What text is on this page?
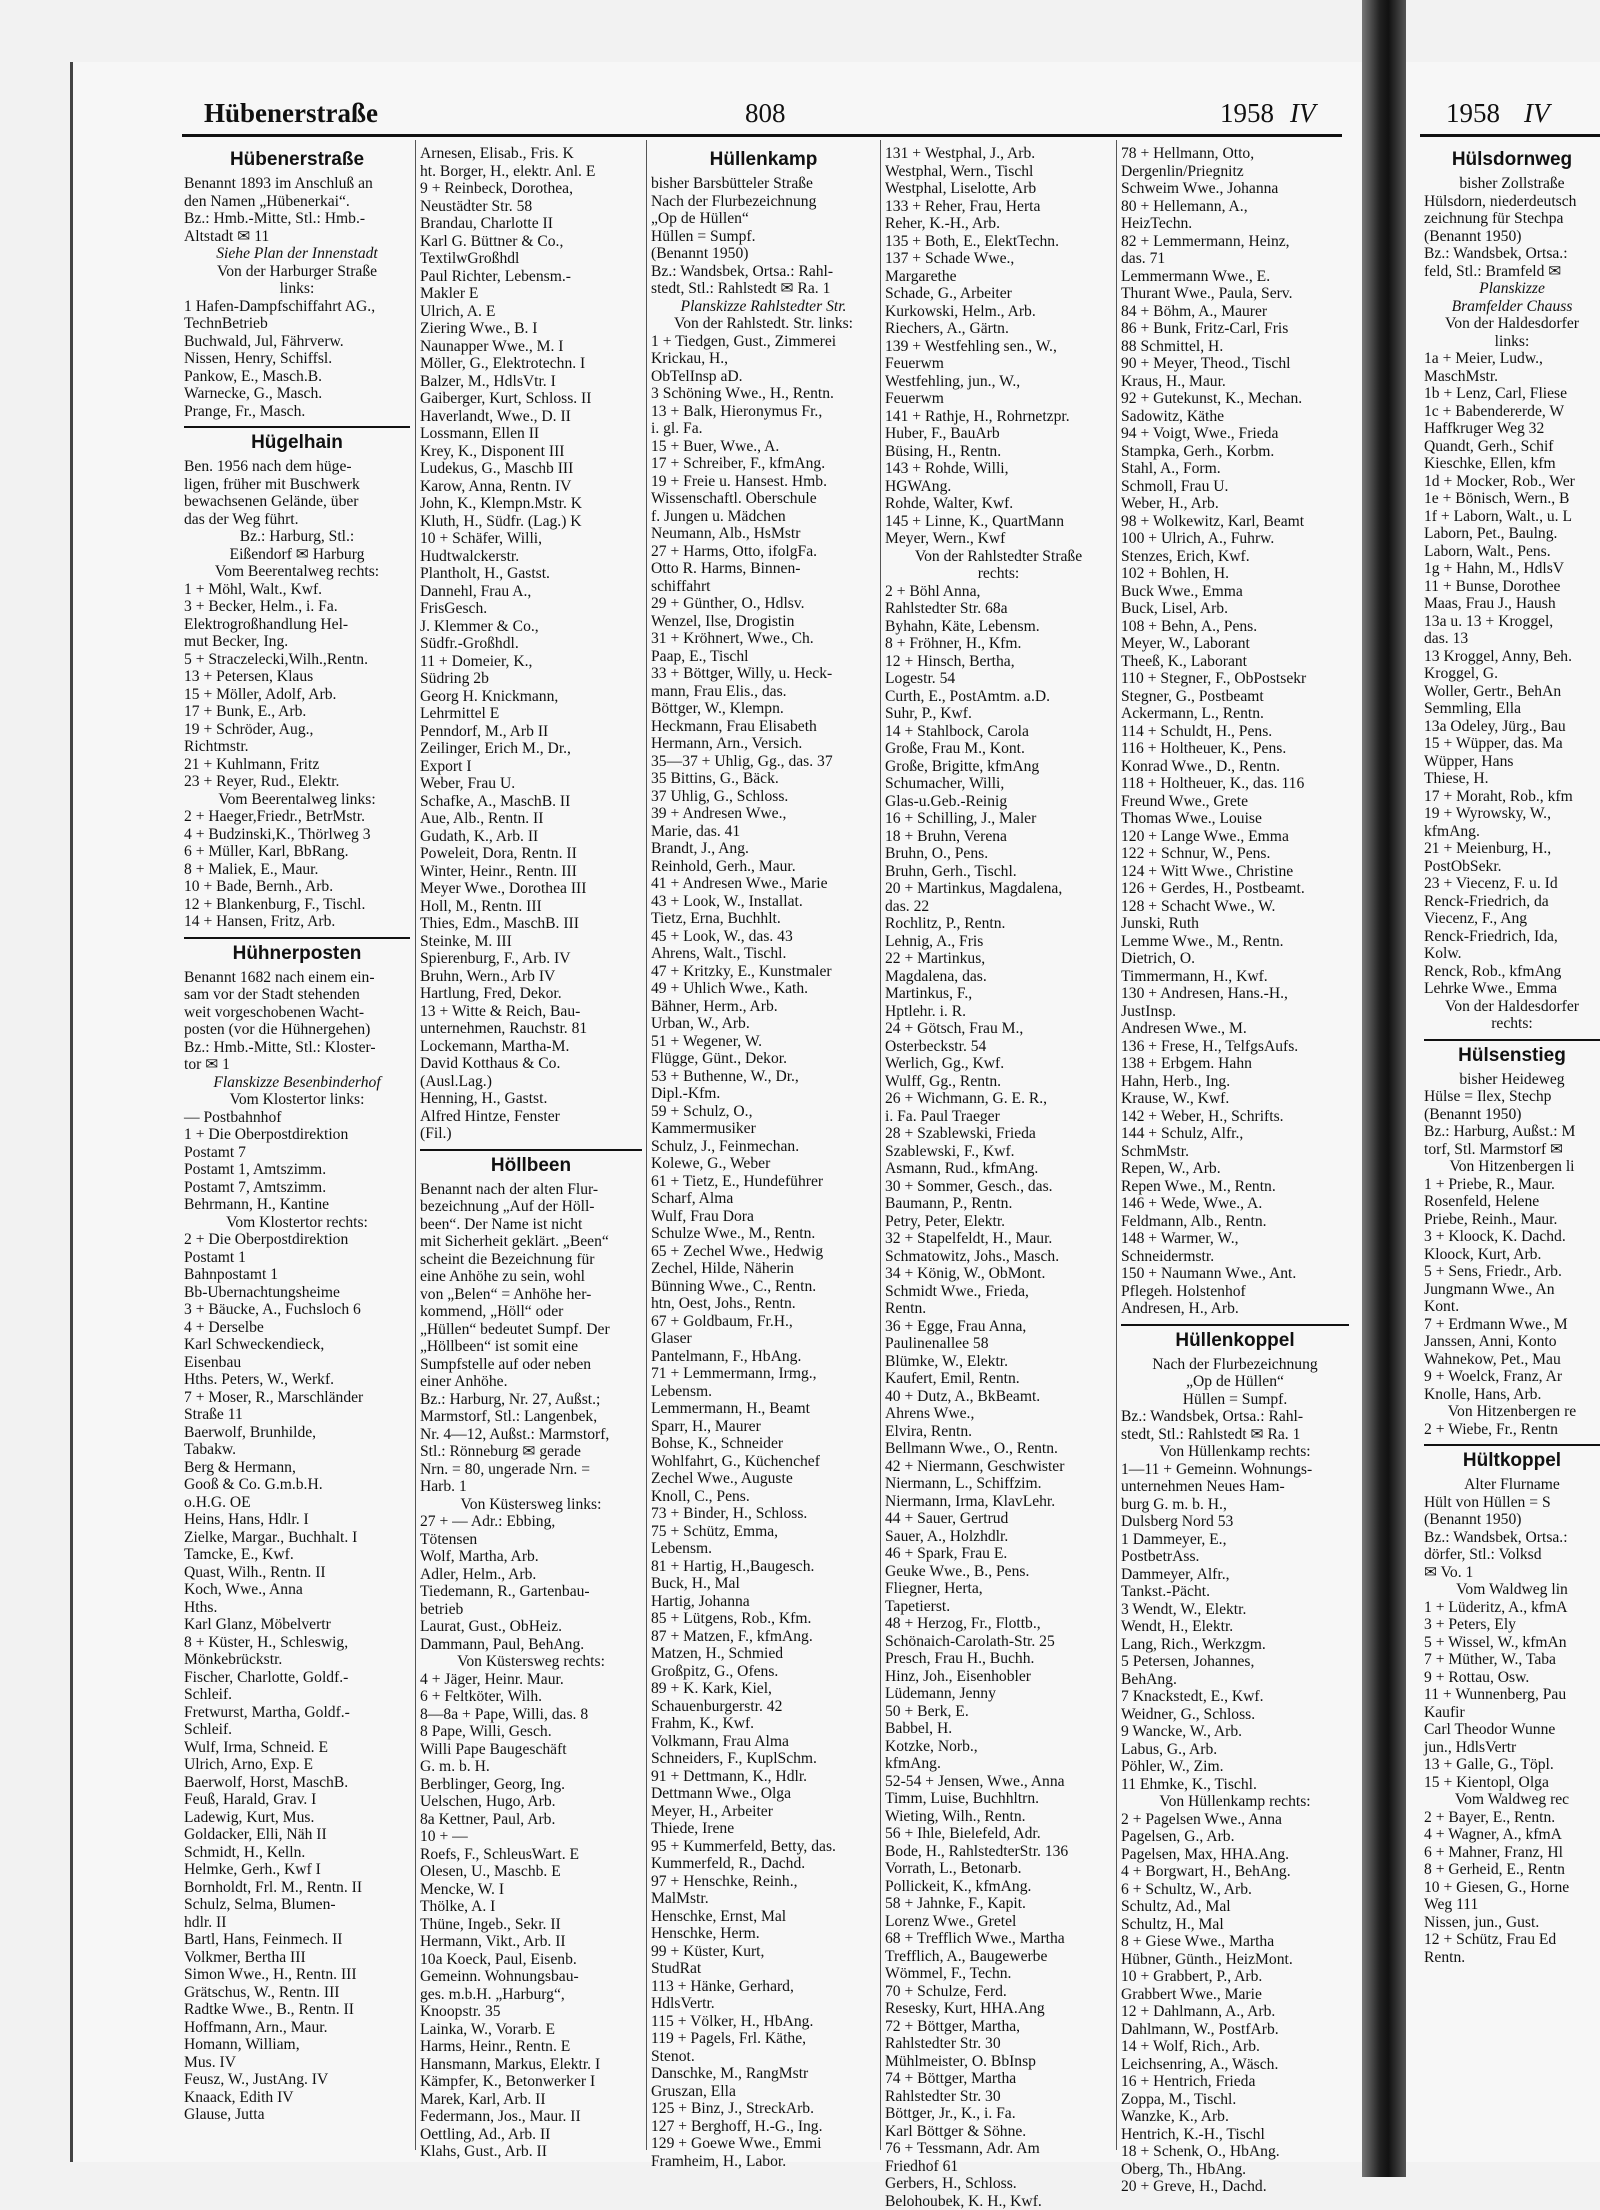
Hübenerstraße	808	1958 IV	1958 IV
Hübenerstraße
Benannt 1893 im Anschluß an
den Namen „Hübenerkai“.
Bz.: Hmb.-Mitte, Stl.: Hmb.-
Altstadt ✉ 11
Siehe Plan der Innenstadt
Von der Harburger Straße
links:
1 Hafen-Dampfschiffahrt AG.,
TechnBetrieb
Buchwald, Jul, Fährverw.
Nissen, Henry, Schiffsl.
Pankow, E., Masch.B.
Warnecke, G., Masch.
Prange, Fr., Masch.
Hügelhain
Ben. 1956 nach dem hüge-
ligen, früher mit Buschwerk
bewachsenen Gelände, über
das der Weg führt.
Bz.: Harburg, Stl.:
Eißendorf ✉ Harburg
Vom Beerentalweg rechts:
1 + Möhl, Walt., Kwf.
3 + Becker, Helm., i. Fa.
Elektrogroßhandlung Hel-
mut Becker, Ing.
5 + Straczelecki,Wilh.,Rentn.
13 + Petersen, Klaus
15 + Möller, Adolf, Arb.
17 + Bunk, E., Arb.
19 + Schröder, Aug.,
Richtmstr.
21 + Kuhlmann, Fritz
23 + Reyer, Rud., Elektr.
Vom Beerentalweg links:
2 + Haeger,Friedr., BetrMstr.
4 + Budzinski,K., Thörlweg 3
6 + Müller, Karl, BbRang.
8 + Maliek, E., Maur.
10 + Bade, Bernh., Arb.
12 + Blankenburg, F., Tischl.
14 + Hansen, Fritz, Arb.
Hühnerposten
Benannt 1682 nach einem ein-
sam vor der Stadt stehenden
weit vorgeschobenen Wacht-
posten (vor die Hühnergehen)
Bz.: Hmb.-Mitte, Stl.: Kloster-
tor ✉ 1
Flanskizze Besenbinderhof
Vom Klostertor links:
— Postbahnhof
1 + Die Oberpostdirektion
Postamt 7
Postamt 1, Amtszimm.
Postamt 7, Amtszimm.
Behrmann, H., Kantine
Vom Klostertor rechts:
2 + Die Oberpostdirektion
Postamt 1
Bahnpostamt 1
Bb-Ubernachtungsheime
3 + Bäucke, A., Fuchsloch 6
4 + Derselbe
Karl Schweckendieck,
Eisenbau
Hths. Peters, W., Werkf.
7 + Moser, R., Marschländer
Straße 11
Baerwolf, Brunhilde,
Tabakw.
Berg & Hermann,
Gooß & Co. G.m.b.H.
o.H.G. OE
Heins, Hans, Hdlr. I
Zielke, Margar., Buchhalt. I
Tamcke, E., Kwf.
Quast, Wilh., Rentn. II
Koch, Wwe., Anna
Hths.
Karl Glanz, Möbelvertr
8 + Küster, H., Schleswig,
Mönkebrückstr.
Fischer, Charlotte, Goldf.-
Schleif.
Fretwurst, Martha, Goldf.-
Schleif.
Wulf, Irma, Schneid. E
Ulrich, Arno, Exp. E
Baerwolf, Horst, MaschB.
Feuß, Harald, Grav. I
Ladewig, Kurt, Mus.
Goldacker, Elli, Näh II
Schmidt, H., Kelln.
Helmke, Gerh., Kwf I
Bornholdt, Frl. M., Rentn. II
Schulz, Selma, Blumen-
hdlr. II
Bartl, Hans, Feinmech. II
Volkmer, Bertha III
Simon Wwe., H., Rentn. III
Grätschus, W., Rentn. III
Radtke Wwe., B., Rentn. II
Hoffmann, Arn., Maur.
Homann, William,
Mus. IV
Feusz, W., JustAng. IV
Knaack, Edith IV
Glause, Jutta
Arnesen, Elisab., Fris. K
ht. Borger, H., elektr. Anl. E
9 + Reinbeck, Dorothea,
Neustädter Str. 58
Brandau, Charlotte II
Karl G. Büttner & Co.,
TextilwGroßhdl
Paul Richter, Lebensm.-
Makler E
Ulrich, A. E
Ziering Wwe., B. I
Naunapper Wwe., M. I
Möller, G., Elektrotechn. I
Balzer, M., HdlsVtr. I
Gaiberger, Kurt, Schloss. II
Haverlandt, Wwe., D. II
Lossmann, Ellen II
Krey, K., Disponent III
Ludekus, G., Maschb III
Karow, Anna, Rentn. IV
John, K., Klempn.Mstr. K
Kluth, H., Südfr. (Lag.) K
10 + Schäfer, Willi,
Hudtwalckerstr.
Plantholt, H., Gastst.
Dannehl, Frau A.,
FrisGesch.
J. Klemmer & Co.,
Südfr.-Großhdl.
11 + Domeier, K.,
Südring 2b
Georg H. Knickmann,
Lehrmittel E
Penndorf, M., Arb II
Zeilinger, Erich M., Dr.,
Export I
Weber, Frau U.
Schafke, A., MaschB. II
Aue, Alb., Rentn. II
Gudath, K., Arb. II
Poweleit, Dora, Rentn. II
Winter, Heinr., Rentn. III
Meyer Wwe., Dorothea III
Holl, M., Rentn. III
Thies, Edm., MaschB. III
Steinke, M. III
Spierenburg, F., Arb. IV
Bruhn, Wern., Arb IV
Hartlung, Fred, Dekor.
13 + Witte & Reich, Bau-
unternehmen, Rauchstr. 81
Lockemann, Martha-M.
David Kotthaus & Co.
(Ausl.Lag.)
Henning, H., Gastst.
Alfred Hintze, Fenster
(Fil.)
Höllbeen
Benannt nach der alten Flur-
bezeichnung „Auf der Höll-
been“. Der Name ist nicht
mit Sicherheit geklärt. „Been“
scheint die Bezeichnung für
eine Anhöhe zu sein, wohl
von „Belen“ = Anhöhe her-
kommend, „Höll“ oder
„Hüllen“ bedeutet Sumpf. Der
„Höllbeen“ ist somit eine
Sumpfstelle auf oder neben
einer Anhöhe.
Bz.: Harburg, Nr. 27, Außst.;
Marmstorf, Stl.: Langenbek,
Nr. 4—12, Außst.: Marmstorf,
Stl.: Rönneburg ✉ gerade
Nrn. = 80, ungerade Nrn. =
Harb. 1
Von Küstersweg links:
27 + — Adr.: Ebbing,
Tötensen
Wolf, Martha, Arb.
Adler, Helm., Arb.
Tiedemann, R., Gartenbau-
betrieb
Laurat, Gust., ObHeiz.
Dammann, Paul, BehAng.
Von Küstersweg rechts:
4 + Jäger, Heinr. Maur.
6 + Feltköter, Wilh.
8—8a + Pape, Willi, das. 8
8 Pape, Willi, Gesch.
Willi Pape Baugeschäft
G. m. b. H.
Berblinger, Georg, Ing.
Uelschen, Hugo, Arb.
8a Kettner, Paul, Arb.
10 + —
Roefs, F., SchleusWart. E
Olesen, U., Maschb. E
Mencke, W. I
Thölke, A. I
Thüne, Ingeb., Sekr. II
Hermann, Vikt., Arb. II
10a Koeck, Paul, Eisenb.
Gemeinn. Wohnungsbau-
ges. m.b.H. „Harburg“,
Knoopstr. 35
Lainka, W., Vorarb. E
Harms, Heinr., Rentn. E
Hansmann, Markus, Elektr. I
Kämpfer, K., Betonwerker I
Marek, Karl, Arb. II
Federmann, Jos., Maur. II
Oettling, Ad., Arb. II
Klahs, Gust., Arb. II
Hüllenkamp
bisher Barsbütteler Straße
Nach der Flurbezeichnung
„Op de Hüllen“
Hüllen = Sumpf.
(Benannt 1950)
Bz.: Wandsbek, Ortsa.: Rahl-
stedt, Stl.: Rahlstedt ✉ Ra. 1
Planskizze Rahlstedter Str.
Von der Rahlstedt. Str. links:
1 + Tiedgen, Gust., Zimmerei
Krickau, H.,
ObTelInsp aD.
3 Schöning Wwe., H., Rentn.
13 + Balk, Hieronymus Fr.,
i. gl. Fa.
15 + Buer, Wwe., A.
17 + Schreiber, F., kfmAng.
19 + Freie u. Hansest. Hmb.
Wissenschaftl. Oberschule
f. Jungen u. Mädchen
Neumann, Alb., HsMstr
27 + Harms, Otto, ifolgFa.
Otto R. Harms, Binnen-
schiffahrt
29 + Günther, O., Hdlsv.
Wenzel, Ilse, Drogistin
31 + Kröhnert, Wwe., Ch.
Paap, E., Tischl
33 + Böttger, Willy, u. Heck-
mann, Frau Elis., das.
Böttger, W., Klempn.
Heckmann, Frau Elisabeth
Hermann, Arn., Versich.
35—37 + Uhlig, Gg., das. 37
35 Bittins, G., Bäck.
37 Uhlig, G., Schloss.
39 + Andresen Wwe.,
Marie, das. 41
Brandt, J., Ang.
Reinhold, Gerh., Maur.
41 + Andresen Wwe., Marie
43 + Look, W., Installat.
Tietz, Erna, Buchhlt.
45 + Look, W., das. 43
Ahrens, Walt., Tischl.
47 + Kritzky, E., Kunstmaler
49 + Uhlich Wwe., Kath.
Bähner, Herm., Arb.
Urban, W., Arb.
51 + Wegener, W.
Flügge, Günt., Dekor.
53 + Buthenne, W., Dr.,
Dipl.-Kfm.
59 + Schulz, O.,
Kammermusiker
Schulz, J., Feinmechan.
Kolewe, G., Weber
61 + Tietz, E., Hundeführer
Scharf, Alma
Wulf, Frau Dora
Schulze Wwe., M., Rentn.
65 + Zechel Wwe., Hedwig
Zechel, Hilde, Näherin
Bünning Wwe., C., Rentn.
htn, Oest, Johs., Rentn.
67 + Goldbaum, Fr.H.,
Glaser
Pantelmann, F., HbAng.
71 + Lemmermann, Irmg.,
Lebensm.
Lemmermann, H., Beamt
Sparr, H., Maurer
Bohse, K., Schneider
Wohlfahrt, G., Küchenchef
Zechel Wwe., Auguste
Knoll, C., Pens.
73 + Binder, H., Schloss.
75 + Schütz, Emma,
Lebensm.
81 + Hartig, H.,Baugesch.
Buck, H., Mal
Hartig, Johanna
85 + Lütgens, Rob., Kfm.
87 + Matzen, F., kfmAng.
Matzen, H., Schmied
Großpitz, G., Ofens.
89 + K. Kark, Kiel,
Schauenburgerstr. 42
Frahm, K., Kwf.
Volkmann, Frau Alma
Schneiders, F., KuplSchm.
91 + Dettmann, K., Hdlr.
Dettmann Wwe., Olga
Meyer, H., Arbeiter
Thiede, Irene
95 + Kummerfeld, Betty, das.
Kummerfeld, R., Dachd.
97 + Henschke, Reinh.,
MalMstr.
Henschke, Ernst, Mal
Henschke, Herm.
99 + Küster, Kurt,
StudRat
113 + Hänke, Gerhard,
HdlsVertr.
115 + Völker, H., HbAng.
119 + Pagels, Frl. Käthe,
Stenot.
Danschke, M., RangMstr
Gruszan, Ella
125 + Binz, J., StreckArb.
127 + Berghoff, H.-G., Ing.
129 + Goewe Wwe., Emmi
Framheim, H., Labor.
131 + Westphal, J., Arb.
Westphal, Wern., Tischl
Westphal, Liselotte, Arb
133 + Reher, Frau, Herta
Reher, K.-H., Arb.
135 + Both, E., ElektTechn.
137 + Schade Wwe.,
Margarethe
Schade, G., Arbeiter
Kurkowski, Helm., Arb.
Riechers, A., Gärtn.
139 + Westfehling sen., W.,
Feuerwm
Westfehling, jun., W.,
Feuerwm
141 + Rathje, H., Rohrnetzpr.
Huber, F., BauArb
Büsing, H., Rentn.
143 + Rohde, Willi,
HGWAng.
Rohde, Walter, Kwf.
145 + Linne, K., QuartMann
Meyer, Wern., Kwf
Von der Rahlstedter Straße
rechts:
2 + Böhl Anna,
Rahlstedter Str. 68a
Byhahn, Käte, Lebensm.
8 + Fröhner, H., Kfm.
12 + Hinsch, Bertha,
Logestr. 54
Curth, E., PostAmtm. a.D.
Suhr, P., Kwf.
14 + Stahlbock, Carola
Große, Frau M., Kont.
Große, Brigitte, kfmAng
Schumacher, Willi,
Glas-u.Geb.-Reinig
16 + Schilling, J., Maler
18 + Bruhn, Verena
Bruhn, O., Pens.
Bruhn, Gerh., Tischl.
20 + Martinkus, Magdalena,
das. 22
Rochlitz, P., Rentn.
Lehnig, A., Fris
22 + Martinkus,
Magdalena, das.
Martinkus, F.,
Hptlehr. i. R.
24 + Götsch, Frau M.,
Osterbeckstr. 54
Werlich, Gg., Kwf.
Wulff, Gg., Rentn.
26 + Wichmann, G. E. R.,
i. Fa. Paul Traeger
28 + Szablewski, Frieda
Szablewski, F., Kwf.
Asmann, Rud., kfmAng.
30 + Sommer, Gesch., das.
Baumann, P., Rentn.
Petry, Peter, Elektr.
32 + Stapelfeldt, H., Maur.
Schmatowitz, Johs., Masch.
34 + König, W., ObMont.
Schmidt Wwe., Frieda,
Rentn.
36 + Egge, Frau Anna,
Paulinenallee 58
Blümke, W., Elektr.
Kaufert, Emil, Rentn.
40 + Dutz, A., BkBeamt.
Ahrens Wwe.,
Elvira, Rentn.
Bellmann Wwe., O., Rentn.
42 + Niermann, Geschwister
Niermann, L., Schiffzim.
Niermann, Irma, KlavLehr.
44 + Sauer, Gertrud
Sauer, A., Holzhdlr.
46 + Spark, Frau E.
Geuke Wwe., B., Pens.
Fliegner, Herta,
Tapetierst.
48 + Herzog, Fr., Flottb.,
Schönaich-Carolath-Str. 25
Presch, Frau H., Buchh.
Hinz, Joh., Eisenhobler
Lüdemann, Jenny
50 + Berk, E.
Babbel, H.
Kotzke, Norb.,
kfmAng.
52-54 + Jensen, Wwe., Anna
Timm, Luise, Buchhltrn.
Wieting, Wilh., Rentn.
56 + Ihle, Bielefeld, Adr.
Bode, H., RahlstedterStr. 136
Vorrath, L., Betonarb.
Pollickeit, K., kfmAng.
58 + Jahnke, F., Kapit.
Lorenz Wwe., Gretel
68 + Trefflich Wwe., Martha
Trefflich, A., Baugewerbe
Wömmel, F., Techn.
70 + Schulze, Ferd.
Resesky, Kurt, HHA.Ang
72 + Böttger, Martha,
Rahlstedter Str. 30
Mühlmeister, O. BbInsp
74 + Böttger, Martha
Rahlstedter Str. 30
Böttger, Jr., K., i. Fa.
Karl Böttger & Söhne.
76 + Tessmann, Adr. Am
Friedhof 61
Gerbers, H., Schloss.
Belohoubek, K. H., Kwf.
78 + Hellmann, Otto,
Dergenlin/Priegnitz
Schweim Wwe., Johanna
80 + Hellemann, A.,
HeizTechn.
82 + Lemmermann, Heinz,
das. 71
Lemmermann Wwe., E.
Thurant Wwe., Paula, Serv.
84 + Böhm, A., Maurer
86 + Bunk, Fritz-Carl, Fris
88 Schmittel, H.
90 + Meyer, Theod., Tischl
Kraus, H., Maur.
92 + Gutekunst, K., Mechan.
Sadowitz, Käthe
94 + Voigt, Wwe., Frieda
Stampka, Gerh., Korbm.
Stahl, A., Form.
Schmoll, Frau U.
Weber, H., Arb.
98 + Wolkewitz, Karl, Beamt
100 + Ulrich, A., Fuhrw.
Stenzes, Erich, Kwf.
102 + Bohlen, H.
Buck Wwe., Emma
Buck, Lisel, Arb.
108 + Behn, A., Pens.
Meyer, W., Laborant
Theeß, K., Laborant
110 + Stegner, F., ObPostsekr
Stegner, G., Postbeamt
Ackermann, L., Rentn.
114 + Schuldt, H., Pens.
116 + Holtheuer, K., Pens.
Konrad Wwe., D., Rentn.
118 + Holtheuer, K., das. 116
Freund Wwe., Grete
Thomas Wwe., Louise
120 + Lange Wwe., Emma
122 + Schnur, W., Pens.
124 + Witt Wwe., Christine
126 + Gerdes, H., Postbeamt.
128 + Schacht Wwe., W.
Junski, Ruth
Lemme Wwe., M., Rentn.
Dietrich, O.
Timmermann, H., Kwf.
130 + Andresen, Hans.-H.,
JustInsp.
Andresen Wwe., M.
136 + Frese, H., TelfgsAufs.
138 + Erbgem. Hahn
Hahn, Herb., Ing.
Krause, W., Kwf.
142 + Weber, H., Schrifts.
144 + Schulz, Alfr.,
SchmMstr.
Repen, W., Arb.
Repen Wwe., M., Rentn.
146 + Wede, Wwe., A.
Feldmann, Alb., Rentn.
148 + Warmer, W.,
Schneidermstr.
150 + Naumann Wwe., Ant.
Pflegeh. Holstenhof
Andresen, H., Arb.
Hüllenkoppel
Nach der Flurbezeichnung
„Op de Hüllen“
Hüllen = Sumpf.
Bz.: Wandsbek, Ortsa.: Rahl-
stedt, Stl.: Rahlstedt ✉ Ra. 1
Von Hüllenkamp rechts:
1—11 + Gemeinn. Wohnungs-
unternehmen Neues Ham-
burg G. m. b. H.,
Dulsberg Nord 53
1 Dammeyer, E.,
PostbetrAss.
Dammeyer, Alfr.,
Tankst.-Pächt.
3 Wendt, W., Elektr.
Wendt, H., Elektr.
Lang, Rich., Werkzgm.
5 Petersen, Johannes,
BehAng.
7 Knackstedt, E., Kwf.
Weidner, G., Schloss.
9 Wancke, W., Arb.
Labus, G., Arb.
Pöhler, W., Zim.
11 Ehmke, K., Tischl.
Von Hüllenkamp rechts:
2 + Pagelsen Wwe., Anna
Pagelsen, G., Arb.
Pagelsen, Max, HHA.Ang.
4 + Borgwart, H., BehAng.
6 + Schultz, W., Arb.
Schultz, Ad., Mal
Schultz, H., Mal
8 + Giese Wwe., Martha
Hübner, Günth., HeizMont.
10 + Grabbert, P., Arb.
Grabbert Wwe., Marie
12 + Dahlmann, A., Arb.
Dahlmann, W., PostfArb.
14 + Wolf, Rich., Arb.
Leichsenring, A., Wäsch.
16 + Hentrich, Frieda
Zoppa, M., Tischl.
Wanzke, K., Arb.
Hentrich, K.-H., Tischl
18 + Schenk, O., HbAng.
Oberg, Th., HbAng.
20 + Greve, H., Dachd.
Hülsdornweg
bisher Zollstraße
Hülsdorn, niederdeutsch
zeichnung für Stechpa
(Benannt 1950)
Bz.: Wandsbek, Ortsa.:
feld, Stl.: Bramfeld ✉
Planskizze
Bramfelder Chauss
Von der Haldesdorfer
links:
1a + Meier, Ludw.,
MaschMstr.
1b + Lenz, Carl, Fliese
1c + Babendererde, W
Haffkruger Weg 32
Quandt, Gerh., Schif
Kieschke, Ellen, kfm
1d + Mocker, Rob., Wer
1e + Bönisch, Wern., B
1f + Laborn, Walt., u. L
Laborn, Pet., Baulng.
Laborn, Walt., Pens.
1g + Hahn, M., HdlsV
11 + Bunse, Dorothee
Maas, Frau J., Haush
13a u. 13 + Kroggel,
das. 13
13 Kroggel, Anny, Beh.
Kroggel, G.
Woller, Gertr., BehAn
Semmling, Ella
13a Odeley, Jürg., Bau
15 + Wüpper, das. Ma
Wüpper, Hans
Thiese, H.
17 + Moraht, Rob., kfm
19 + Wyrowsky, W.,
kfmAng.
21 + Meienburg, H.,
PostObSekr.
23 + Viecenz, F. u. Id
Renck-Friedrich, da
Viecenz, F., Ang
Renck-Friedrich, Ida,
Kolw.
Renck, Rob., kfmAng
Lehrke Wwe., Emma
Von der Haldesdorfer
rechts:
Hülsenstieg
bisher Heideweg
Hülse = Ilex, Stechp
(Benannt 1950)
Bz.: Harburg, Außst.: M
torf, Stl. Marmstorf ✉
Von Hitzenbergen li
1 + Priebe, R., Maur.
Rosenfeld, Helene
Priebe, Reinh., Maur.
3 + Kloock, K. Dachd.
Kloock, Kurt, Arb.
5 + Sens, Friedr., Arb.
Jungmann Wwe., An
Kont.
7 + Erdmann Wwe., M
Janssen, Anni, Konto
Wahnekow, Pet., Mau
9 + Woelck, Franz, Ar
Knolle, Hans, Arb.
Von Hitzenbergen re
2 + Wiebe, Fr., Rentn
Hültkoppel
Alter Flurname
Hült von Hüllen = S
(Benannt 1950)
Bz.: Wandsbek, Ortsa.:
dörfer, Stl.: Volksd
✉ Vo. 1
Vom Waldweg lin
1 + Lüderitz, A., kfmA
3 + Peters, Ely
5 + Wissel, W., kfmAn
7 + Müther, W., Taba
9 + Rottau, Osw.
11 + Wunnenberg, Pau
Kaufir
Carl Theodor Wunne
jun., HdlsVertr
13 + Galle, G., Töpl.
15 + Kientopl, Olga
Vom Waldweg rec
2 + Bayer, E., Rentn.
4 + Wagner, A., kfmA
6 + Mahner, Franz, Hl
8 + Gerheid, E., Rentn
10 + Giesen, G., Horne
Weg 111
Nissen, jun., Gust.
12 + Schütz, Frau Ed
Rentn.
